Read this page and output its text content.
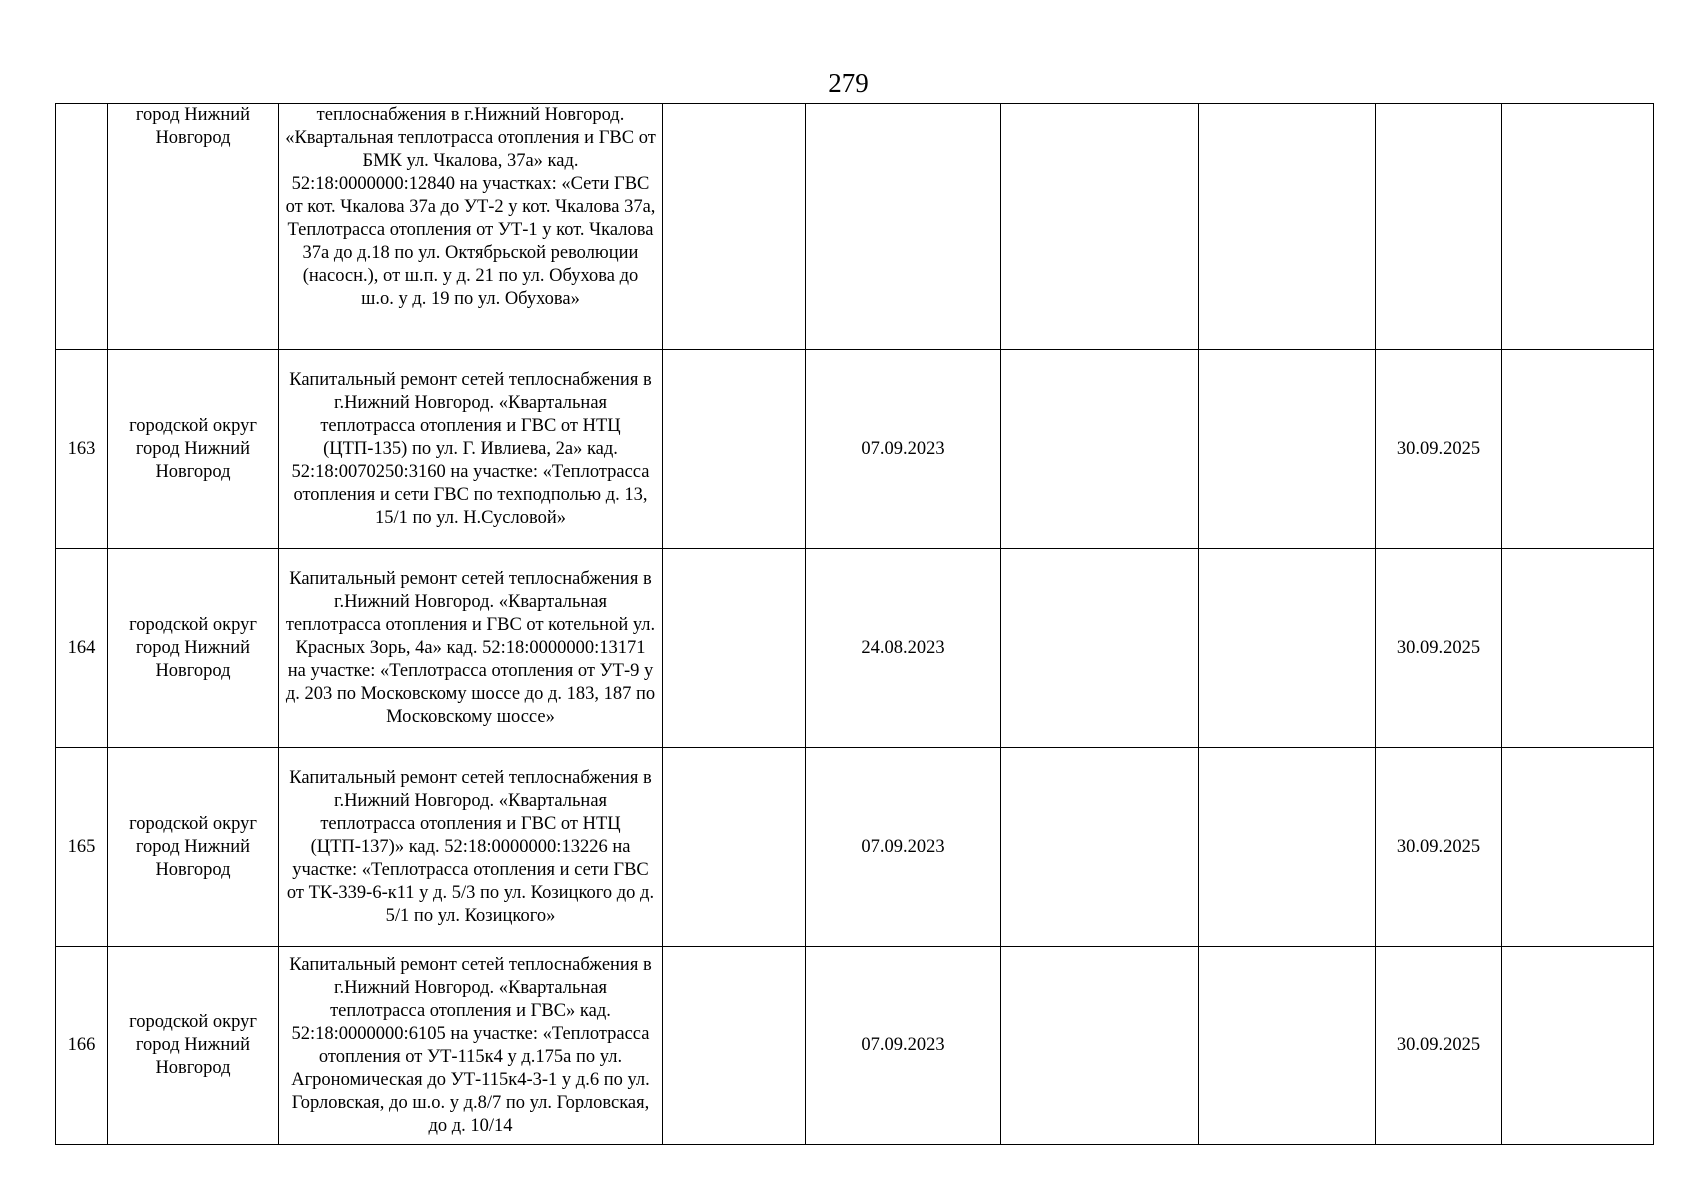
279
	город Нижний Новгород	теплоснабжения в г.Нижний Новгород. «Квартальная теплотрасса отопления и ГВС от БМК ул. Чкалова, 37а» кад. 52:18:0000000:12840 на участках: «Сети ГВС от кот. Чкалова 37а до УТ-2 у кот. Чкалова 37а, Теплотрасса отопления от УТ-1 у кот. Чкалова 37а до д.18 по ул. Октябрьской революции (насосн.), от ш.п. у д. 21 по ул. Обухова до ш.о. у д. 19 по ул. Обухова»						
163	городской округ город Нижний Новгород	Капитальный ремонт сетей теплоснабжения в г.Нижний Новгород. «Квартальная теплотрасса отопления и ГВС от НТЦ (ЦТП-135) по ул. Г. Ивлиева, 2а» кад. 52:18:0070250:3160 на участке: «Теплотрасса отопления и сети ГВС по техподполью д. 13, 15/1 по ул. Н.Сусловой»		07.09.2023			30.09.2025	
164	городской округ город Нижний Новгород	Капитальный ремонт сетей теплоснабжения в г.Нижний Новгород. «Квартальная теплотрасса отопления и ГВС от котельной ул. Красных Зорь, 4а» кад. 52:18:0000000:13171 на участке: «Теплотрасса отопления от УТ-9 у д. 203 по Московскому шоссе до д. 183, 187 по Московскому шоссе»		24.08.2023			30.09.2025	
165	городской округ город Нижний Новгород	Капитальный ремонт сетей теплоснабжения в г.Нижний Новгород. «Квартальная теплотрасса отопления и ГВС от НТЦ (ЦТП-137)» кад. 52:18:0000000:13226 на участке: «Теплотрасса отопления и сети ГВС от ТК-339-6-к11 у д. 5/3 по ул. Козицкого до д. 5/1 по ул. Козицкого»		07.09.2023			30.09.2025	
166	городской округ город Нижний Новгород	Капитальный ремонт сетей теплоснабжения в г.Нижний Новгород. «Квартальная теплотрасса отопления и ГВС» кад. 52:18:0000000:6105 на участке: «Теплотрасса отопления от УТ-115к4 у д.175а по ул. Агрономическая до УТ-115к4-3-1 у д.6 по ул. Горловская, до ш.о. у д.8/7 по ул. Горловская, до д. 10/14		07.09.2023			30.09.2025	
